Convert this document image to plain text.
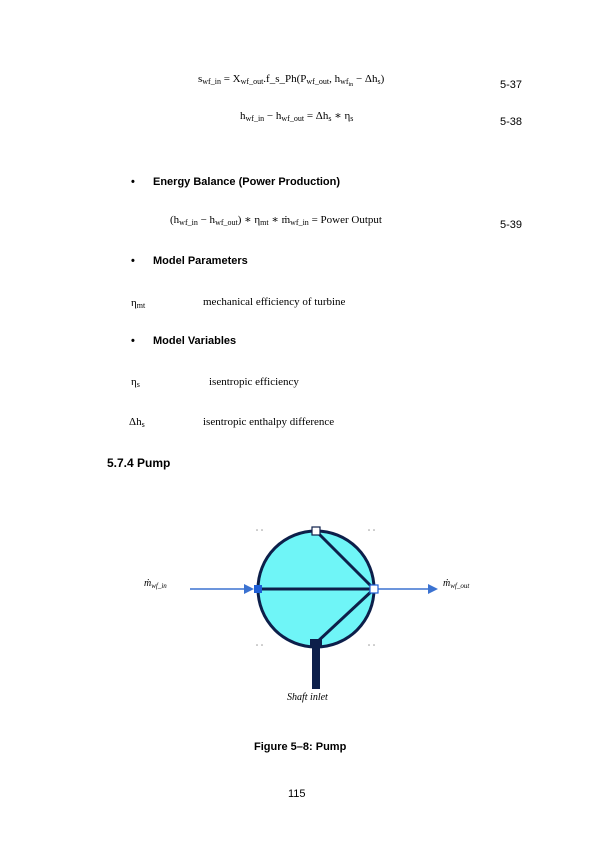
$s_{wf\_in}$ = $X_{wf\_out}.f\_s\_Ph(P_{wf\_out}$, $h_{wf_{in}} - \Delta h_s$)	5-37
$h_{wf\_in} - h_{wf\_out} = \Delta h_s$ ∗ $\eta_s$	5-38
• Energy Balance (Power Production)
$(h_{wf\_in} - h_{wf\_out})$ ∗ $\eta_{mt}$ ∗ ṁ$_{wf\_in}$ = Power Output	5-39
• Model Parameters
$\eta_{mt}$	mechanical efficiency of turbine
• Model Variables
$\eta_s$	isentropic efficiency
$\Delta h_s$	isentropic enthalpy difference
5.7.4 Pump
ṁ$_{wf\_in}$	ṁ$_{wf\_out}$
Shaft inlet
Figure 5–8: Pump
115
